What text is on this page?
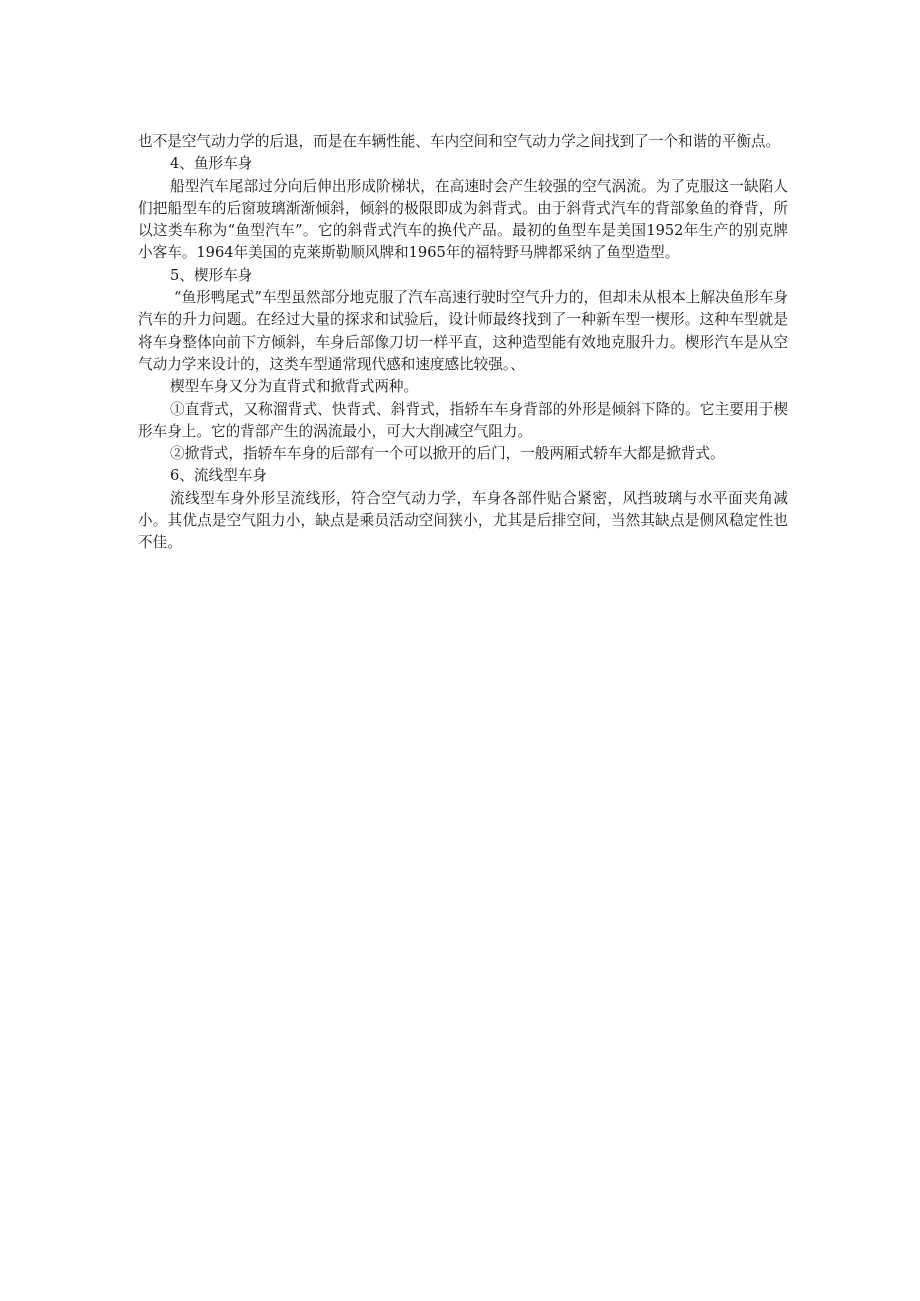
也不是空气动力学的后退，而是在车辆性能、车内空间和空气动力学之间找到了一个和谐的平衡点。

4、鱼形车身

船型汽车尾部过分向后伸出形成阶梯状，在高速时会产生较强的空气涡流。为了克服这一缺陷人们把船型车的后窗玻璃渐渐倾斜，倾斜的极限即成为斜背式。由于斜背式汽车的背部象鱼的脊背，所以这类车称为“鱼型汽车”。它的斜背式汽车的换代产品。最初的鱼型车是美国1952年生产的别克牌小客车。1964年美国的克莱斯勒顺风牌和1965年的福特野马牌都采纳了鱼型造型。

5、楔形车身

“鱼形鸭尾式”车型虽然部分地克服了汽车高速行驶时空气升力的，但却未从根本上解决鱼形车身汽车的升力问题。在经过大量的探求和试验后，设计师最终找到了一种新车型一楔形。这种车型就是将车身整体向前下方倾斜，车身后部像刀切一样平直，这种造型能有效地克服升力。楔形汽车是从空气动力学来设计的，这类车型通常现代感和速度感比较强。、

楔型车身又分为直背式和掀背式两种。

①直背式，又称溜背式、快背式、斜背式，指轿车车身背部的外形是倾斜下降的。它主要用于楔形车身上。它的背部产生的涡流最小，可大大削减空气阻力。

②掀背式，指轿车车身的后部有一个可以掀开的后门，一般两厢式轿车大都是掀背式。

6、流线型车身

流线型车身外形呈流线形，符合空气动力学，车身各部件贴合紧密，风挡玻璃与水平面夹角减小。其优点是空气阻力小，缺点是乘员活动空间狭小，尤其是后排空间，当然其缺点是侧风稳定性也不佳。
